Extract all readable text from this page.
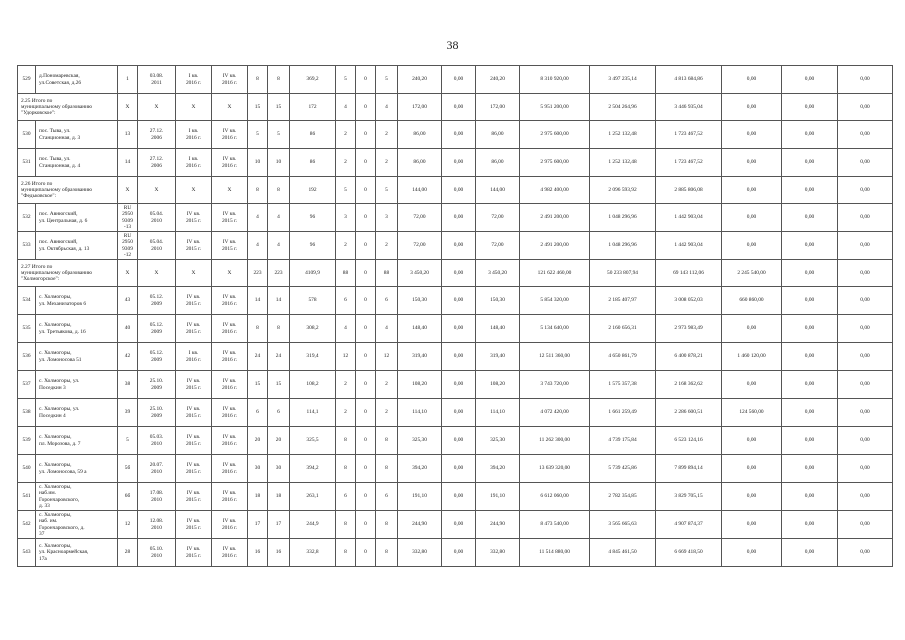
38
529	д.Пономаревская,
ул.Советская, д.26	1	03.08.
2011	I кв.
2016 г.	IV кв.
2016 г.	8	8	369,2	5	0	5	240,20	0,00	240,20	8 310 920,00	3 497 235,14	4 813 684,86	0,00	0,00	0,00
2.25 Итого по
муниципальному образованию
"Удорковское":		X	X	X	X	15	15	172	4	0	4	172,00	0,00	172,00	5 951 200,00	2 504 264,96	3 446 935,04	0,00	0,00	0,00
530	пос. Тыва, ул.
Станционная, д. 3	13	27.12.
2006	I кв.
2016 г.	IV кв.
2016 г.	5	5	86	2	0	2	86,00	0,00	86,00	2 975 600,00	1 252 132,48	1 723 467,52	0,00	0,00	0,00
531	пос. Тыва, ул.
Станционная, д. 4	14	27.12.
2006	I кв.
2016 г.	IV кв.
2016 г.	10	10	86	2	0	2	86,00	0,00	86,00	2 975 600,00	1 252 132,48	1 723 467,52	0,00	0,00	0,00
2.26 Итого по
муниципальному образованию
"Федьковское":		X	X	X	X	8	8	192	5	0	5	144,00	0,00	144,00	4 982 400,00	2 096 593,92	2 885 806,08	0,00	0,00	0,00
532	пос. Авнюгский,
ул. Центральная, д. 6	RU
2950
9309
-13	05.04.
2010	IV кв.
2015 г.	IV кв.
2015 г.	4	4	96	3	0	3	72,00	0,00	72,00	2 491 200,00	1 048 296,96	1 442 903,04	0,00	0,00	0,00
533	пос. Авнюгский,
ул. Октябрьская, д. 13	RU
2950
9309
-12	05.04.
2010	IV кв.
2015 г.	IV кв.
2015 г.	4	4	96	2	0	2	72,00	0,00	72,00	2 491 200,00	1 048 296,96	1 442 903,04	0,00	0,00	0,00
2.27 Итого по
муниципальному образованию
"Холмогорское":		X	X	X	X	223	223	4109,9	88	0	88	3 450,20	0,00	3 450,20	121 622 460,00	50 233 807,94	69 143 112,06	2 245 540,00	0,00	0,00
534	с. Холмогоры,
ул. Механизаторов 6	43	05.12.
2009	IV кв.
2015 г.	IV кв.
2016 г.	14	14	578	6	0	6	150,30	0,00	150,30	5 854 320,00	2 185 407,97	3 008 052,03	660 860,00	0,00	0,00
535	с. Холмогоры,
ул. Третьякова, д. 16	40	05.12.
2009	IV кв.
2015 г.	IV кв.
2016 г.	8	8	308,2	4	0	4	148,40	0,00	148,40	5 134 640,00	2 160 656,31	2 973 983,49	0,00	0,00	0,00
536	с. Холмогоры,
ул. Ломоносова 51	42	05.12.
2009	I кв.
2016 г.	IV кв.
2016 г.	24	24	319,4	12	0	12	319,40	0,00	319,40	12 511 360,00	4 650 861,79	6 400 878,21	1 460 120,00	0,00	0,00
537	с. Холмогоры, ул.
Поседкин 3	38	25.10.
2009	IV кв.
2015 г.	IV кв.
2016 г.	15	15	108,2	2	0	2	108,20	0,00	108,20	3 743 720,00	1 575 357,38	2 168 362,62	0,00	0,00	0,00
538	с. Холмогоры, ул.
Поседкин 4	39	25.10.
2009	IV кв.
2015 г.	IV кв.
2016 г.	6	6	114,1	2	0	2	114,10	0,00	114,10	4 072 420,00	1 661 259,49	2 286 600,51	124 560,00	0,00	0,00
539	с. Холмогоры,
пл. Морозова, д. 7	5	05.03.
2010	IV кв.
2015 г.	IV кв.
2016 г.	20	20	325,5	8	0	8	325,30	0,00	325,30	11 262 300,00	4 739 175,84	6 523 124,16	0,00	0,00	0,00
540	с. Холмогоры,
ул. Ломоносова, 59 а	5б	20.07.
2010	IV кв.
2015 г.	IV кв.
2016 г.	30	30	394,2	8	0	8	394,20	0,00	394,20	13 639 320,00	5 739 425,86	7 899 894,14	0,00	0,00	0,00
541	с. Холмогоры,
наб.им.
Горончаровского,
д. 33	6б	17.08.
2010	IV кв.
2015 г.	IV кв.
2016 г.	18	18	263,1	6	0	6	191,10	0,00	191,10	6 612 060,00	2 782 354,85	3 829 705,15	0,00	0,00	0,00
542	с. Холмогоры,
наб. им.
Горончаровского, д.
37	12	12.08.
2010	IV кв.
2015 г.	IV кв.
2016 г.	17	17	244,9	8	0	8	244,90	0,00	244,90	8 473 540,00	3 565 665,63	4 907 874,37	0,00	0,00	0,00
543	с. Холмогоры,
ул. Красноармейская,
17а	28	05.10.
2010	IV кв.
2015 г.	IV кв.
2016 г.	16	16	332,8	8	0	8	332,80	0,00	332,80	11 514 880,00	4 845 461,50	6 669 418,50	0,00	0,00	0,00
